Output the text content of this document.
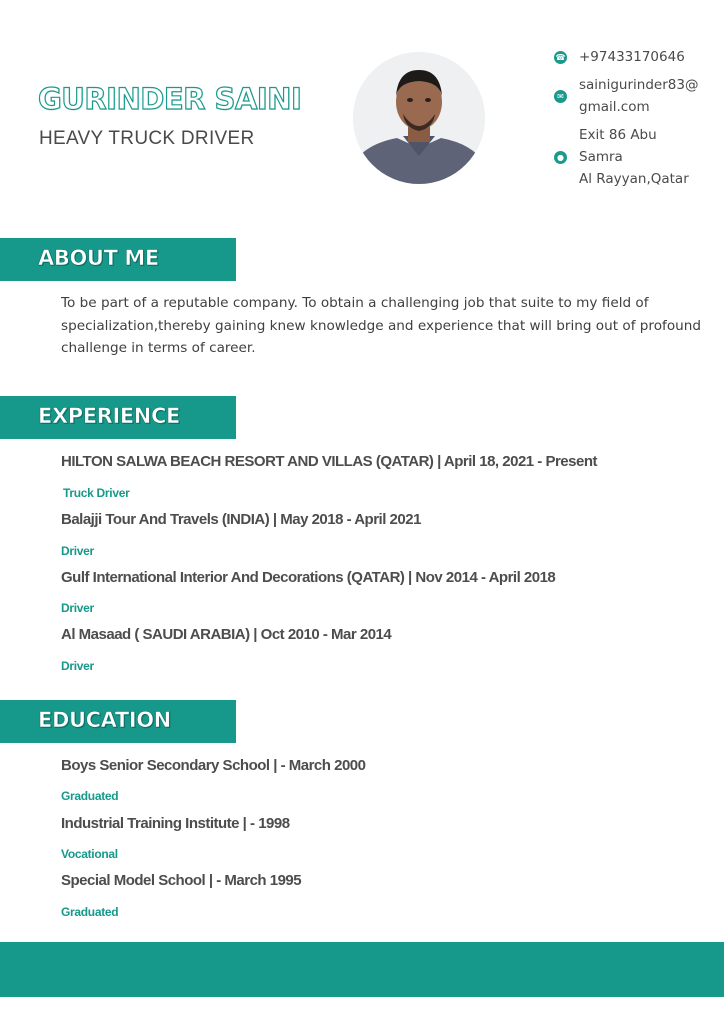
GURINDER SAINI
HEAVY TRUCK DRIVER
☎ +97433170646
✉
sainigurinder83@
gmail.com
●
Exit 86 Abu
Samra
Al Rayyan,Qatar
ABOUT ME
To be part of a reputable company. To obtain a challenging job that suite to my field of specialization,thereby gaining knew knowledge and experience that will bring out of profound challenge in terms of career.
EXPERIENCE
HILTON SALWA BEACH RESORT AND VILLAS (QATAR) | April 18, 2021 - Present
Truck Driver
Balajji Tour And Travels (INDIA) | May 2018 - April 2021
Driver
Gulf International Interior And Decorations (QATAR) | Nov 2014 - April 2018
Driver
Al Masaad ( SAUDI ARABIA) | Oct 2010 - Mar 2014
Driver
EDUCATION
Boys Senior Secondary School | - March 2000
Graduated
Industrial Training Institute | - 1998
Vocational
Special Model School | - March 1995
Graduated
